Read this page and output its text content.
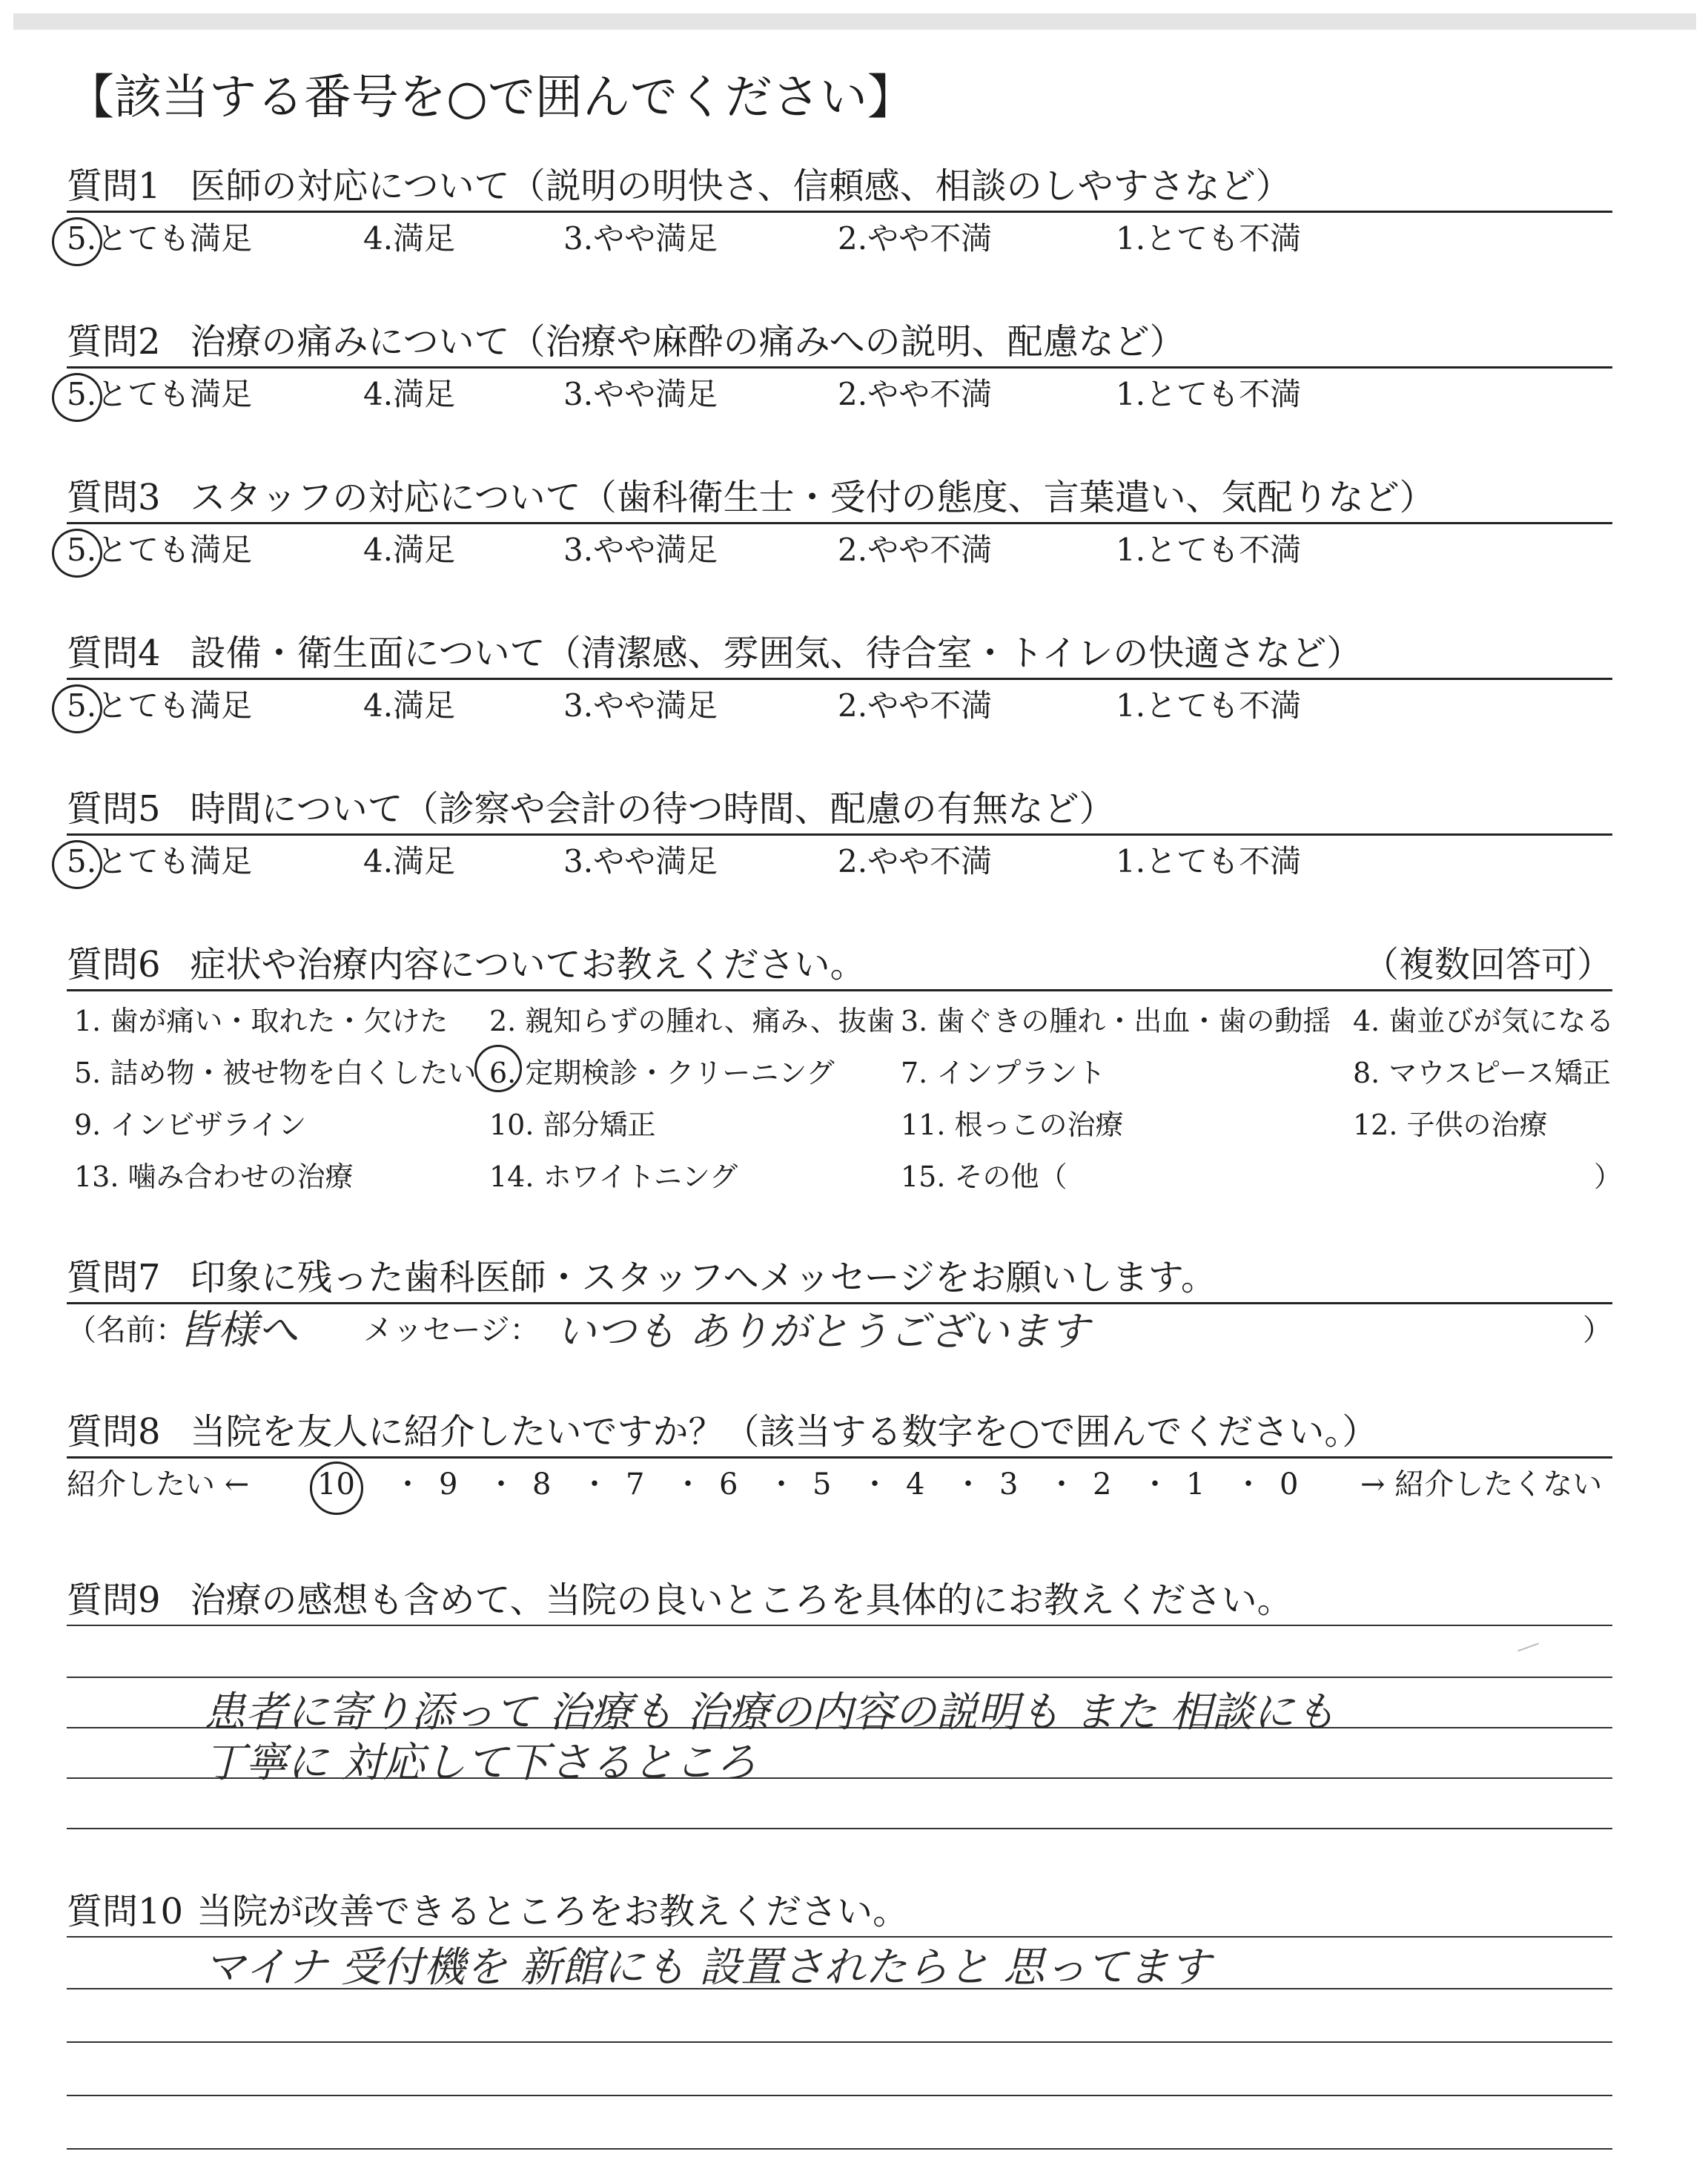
【該当する番号を○で囲んでください】
質問1 医師の対応について（説明の明快さ、信頼感、相談のしやすさなど）
5.とても満足	4.満足	3.やや満足	2.やや不満	1.とても不満
質問2 治療の痛みについて（治療や麻酔の痛みへの説明、配慮など）
5.とても満足	4.満足	3.やや満足	2.やや不満	1.とても不満
質問3 スタッフの対応について（歯科衛生士・受付の態度、言葉遣い、気配りなど）
5.とても満足	4.満足	3.やや満足	2.やや不満	1.とても不満
質問4 設備・衛生面について（清潔感、雰囲気、待合室・トイレの快適さなど）
5.とても満足	4.満足	3.やや満足	2.やや不満	1.とても不満
質問5 時間について（診察や会計の待つ時間、配慮の有無など）
5.とても満足	4.満足	3.やや満足	2.やや不満	1.とても不満
質問6 症状や治療内容についてお教えください。	（複数回答可）
1. 歯が痛い・取れた・欠けた 2. 親知らずの腫れ、痛み、抜歯 3. 歯ぐきの腫れ・出血・歯の動揺 4. 歯並びが気になる
5. 詰め物・被せ物を白くしたい 6. 定期検診・クリーニング 7. インプラント	8. マウスピース矯正
9. インビザライン	10. 部分矯正	11. 根っこの治療	12. 子供の治療
13. 噛み合わせの治療	14. ホワイトニング	15. その他（	）
質問7 印象に残った歯科医師・スタッフへメッセージをお願いします。
（名前：
皆様へ メッセージ： いつも ありがとうございます	）
質問8 当院を友人に紹介したいですか？（該当する数字を○で囲んでください。）
紹介したい ← 10 ・ 9 ・ 8 ・ 7 ・ 6 ・ 5 ・ 4 ・ 3 ・ 2 ・ 1 ・ 0 → 紹介したくない
質問9 治療の感想も含めて、当院の良いところを具体的にお教えください。
患者に寄り添って 治療も 治療の内容の説明も また 相談にも
丁寧に 対応して下さるところ
質問10 当院が改善できるところをお教えください。
マイナ 受付機を 新館にも 設置されたらと 思ってます
